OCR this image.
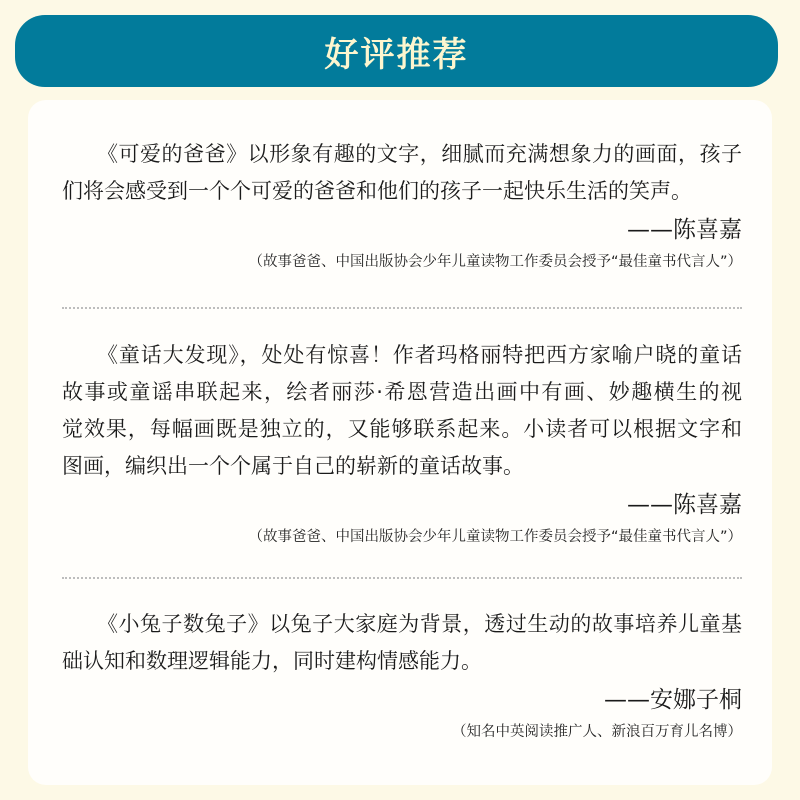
好评推荐
《可爱的爸爸》以形象有趣的文字，细腻而充满想象力的画面，孩子
们将会感受到一个个可爱的爸爸和他们的孩子一起快乐生活的笑声。
——陈喜嘉
（故事爸爸、中国出版协会少年儿童读物工作委员会授予“最佳童书代言人”）
《童话大发现》，处处有惊喜！作者玛格丽特把西方家喻户晓的童话
故事或童谣串联起来，绘者丽莎·希恩营造出画中有画、妙趣横生的视
觉效果，每幅画既是独立的，又能够联系起来。小读者可以根据文字和
图画，编织出一个个属于自己的崭新的童话故事。
——陈喜嘉
（故事爸爸、中国出版协会少年儿童读物工作委员会授予“最佳童书代言人”）
《小兔子数兔子》以兔子大家庭为背景，透过生动的故事培养儿童基
础认知和数理逻辑能力，同时建构情感能力。
——安娜子桐
（知名中英阅读推广人、新浪百万育儿名博）
